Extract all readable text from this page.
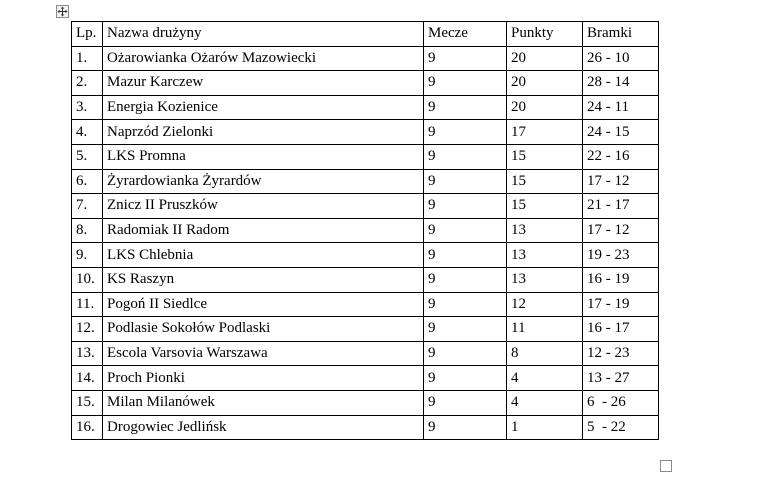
Lp.	Nazwa drużyny	Mecze	Punkty	Bramki
1.	Ożarowianka Ożarów Mazowiecki	9	20	26 - 10
2.	Mazur Karczew	9	20	28 - 14
3.	Energia Kozienice	9	20	24 - 11
4.	Naprzód Zielonki	9	17	24 - 15
5.	LKS Promna	9	15	22 - 16
6.	Żyrardowianka Żyrardów	9	15	17 - 12
7.	Znicz II Pruszków	9	15	21 - 17
8.	Radomiak II Radom	9	13	17 - 12
9.	LKS Chlebnia	9	13	19 - 23
10.	KS Raszyn	9	13	16 - 19
11.	Pogoń II Siedlce	9	12	17 - 19
12.	Podlasie Sokołów Podlaski	9	11	16 - 17
13.	Escola Varsovia Warszawa	9	8	12 - 23
14.	Proch Pionki	9	4	13 - 27
15.	Milan Milanówek	9	4	6  - 26
16.	Drogowiec Jedlińsk	9	1	5  - 22
